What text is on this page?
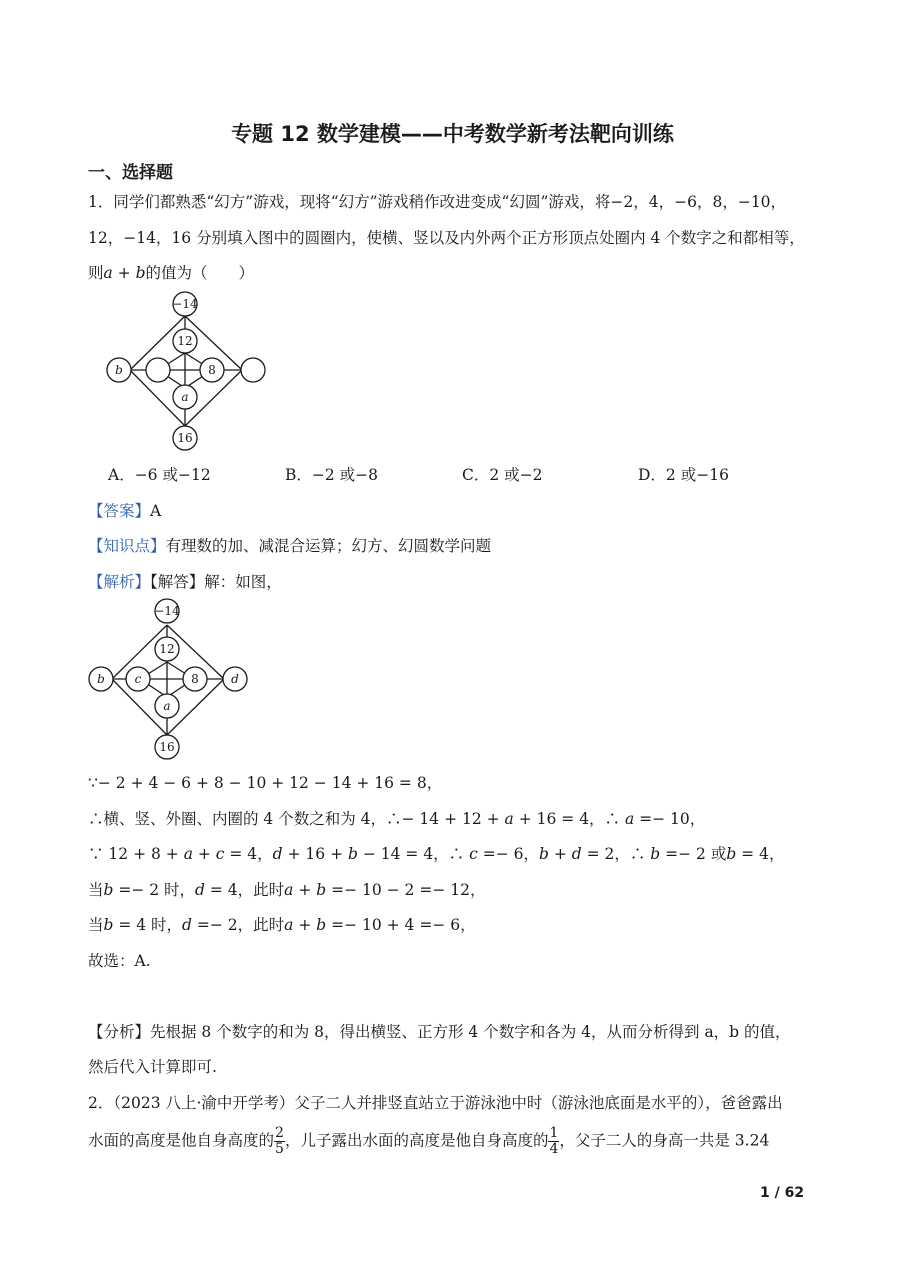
专题 12 数学建模——中考数学新考法靶向训练
一、选择题
1．同学们都熟悉“幻方”游戏，现将“幻方”游戏稍作改进变成“幻圆”游戏，将−2，4，−6，8，−10，
12，−14，16 分别填入图中的圆圈内，使横、竖以及内外两个正方形顶点处圈内 4 个数字之和都相等，
则𝑎 + 𝑏的值为（　　）
−14
12
b	8
a
16
A．−6 或−12	B．−2 或−8	C．2 或−2	D．2 或−16
【答案】A
【知识点】有理数的加、减混合运算；幻方、幻圆数学问题
【解析】【解答】解：如图，
−14
12
b c	8	d
a
16
∵− 2 + 4 − 6 + 8 − 10 + 12 − 14 + 16 = 8，
∴横、竖、外圈、内圈的 4 个数之和为 4，∴− 14 + 12 + 𝑎 + 16 = 4，∴ 𝑎 =− 10，
∵ 12 + 8 + 𝑎 + 𝑐 = 4，𝑑 + 16 + 𝑏 − 14 = 4，∴ 𝑐 =− 6，𝑏 + 𝑑 = 2，∴ 𝑏 =− 2 或𝑏 = 4，
当𝑏 =− 2 时，𝑑 = 4，此时𝑎 + 𝑏 =− 10 − 2 =− 12，
当𝑏 = 4 时，𝑑 =− 2，此时𝑎 + 𝑏 =− 10 + 4 =− 6，
故选：A.
【分析】先根据 8 个数字的和为 8，得出横竖、正方形 4 个数字和各为 4，从而分析得到 a，b 的值，
然后代入计算即可.
2．（2023 八上·渝中开学考）父子二人并排竖直站立于游泳池中时（游泳池底面是水平的），爸爸露出
水面的高度是他自身高度的 $\frac{2}{5}$ ，儿子露出水面的高度是他自身高度的 $\frac{1}{4}$ ，父子二人的身高一共是 3.24
1 / 62
